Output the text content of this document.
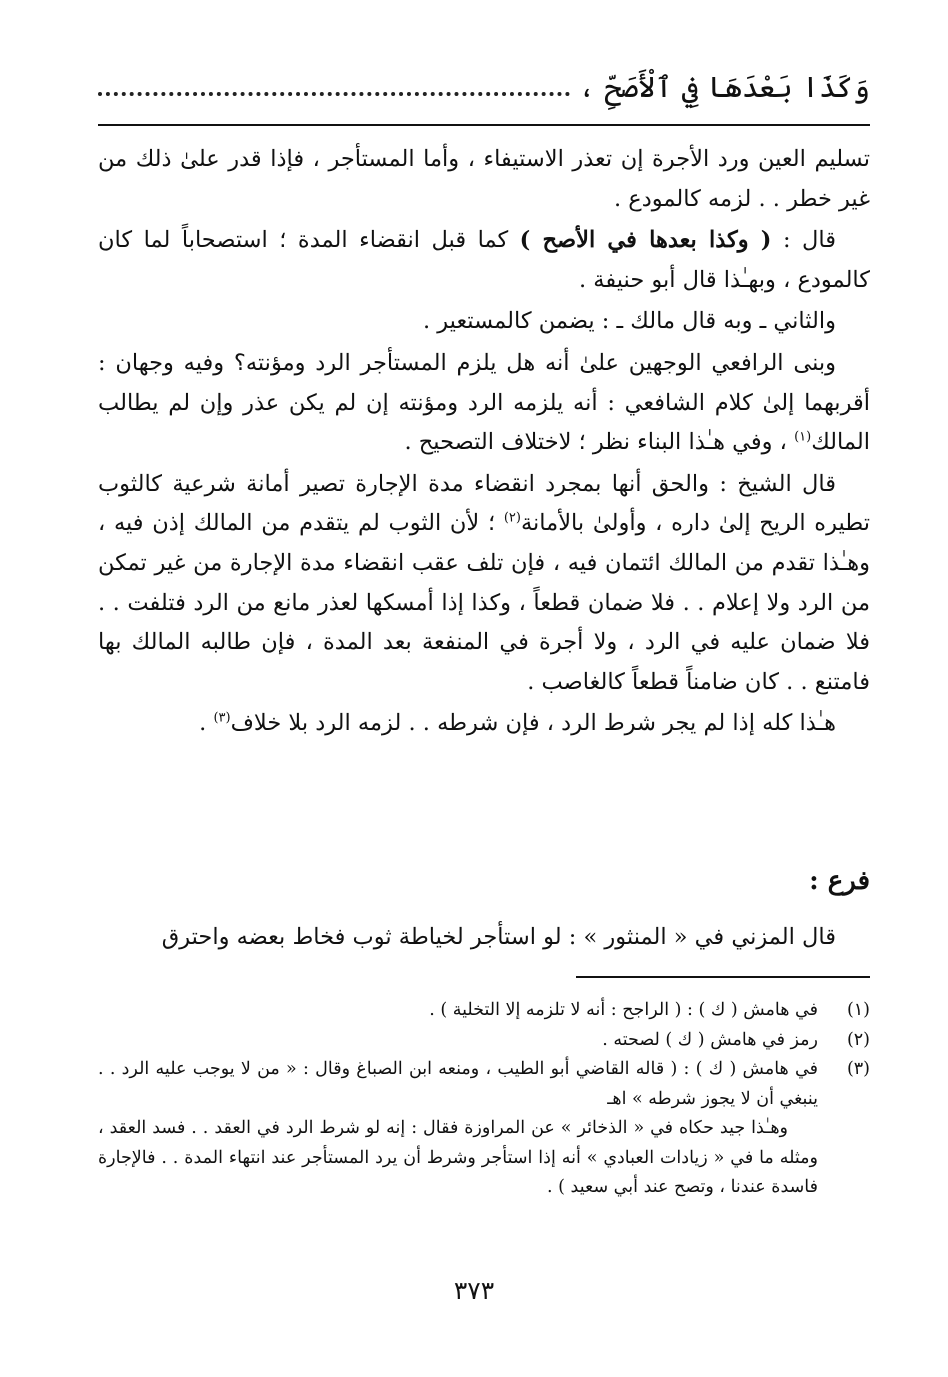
وَكَذَا بَعْدَهَا فِي ٱلْأَصَحِّ ،

تسليم العين ورد الأجرة إن تعذر الاستيفاء ، وأما المستأجر ، فإذا قدر علىٰ ذلك من غير خطر . . لزمه كالمودع .

قال : ( وكذا بعدها في الأصح ) كما قبل انقضاء المدة ؛ استصحاباً لما كان كالمودع ، وبهـٰذا قال أبو حنيفة .

والثاني ـ وبه قال مالك ـ : يضمن كالمستعير .

وبنى الرافعي الوجهين علىٰ أنه هل يلزم المستأجر الرد ومؤنته؟ وفيه وجهان : أقربهما إلىٰ كلام الشافعي : أنه يلزمه الرد ومؤنته إن لم يكن عذر وإن لم يطالب المالك$^{(١)}$ ، وفي هـٰذا البناء نظر ؛ لاختلاف التصحيح .

قال الشيخ : والحق أنها بمجرد انقضاء مدة الإجارة تصير أمانة شرعية كالثوب تطيره الريح إلىٰ داره ، وأولىٰ بالأمانة$^{(٢)}$ ؛ لأن الثوب لم يتقدم من المالك إذن فيه ، وهـٰذا تقدم من المالك ائتمان فيه ، فإن تلف عقب انقضاء مدة الإجارة من غير تمكن من الرد ولا إعلام . . فلا ضمان قطعاً ، وكذا إذا أمسكها لعذر مانع من الرد فتلفت . . فلا ضمان عليه في الرد ، ولا أجرة في المنفعة بعد المدة ، فإن طالبه المالك بها فامتنع . . كان ضامناً قطعاً كالغاصب .

هـٰذا كله إذا لم يجر شرط الرد ، فإن شرطه . . لزمه الرد بلا خلاف$^{(٣)}$ .

فرع :
قال المزني في « المنثور » : لو استأجر لخياطة ثوب فخاط بعضه واحترق
(١)
في هامش ( ك ) : ( الراجح : أنه لا تلزمه إلا التخلية ) .
(٢)
رمز في هامش ( ك ) لصحته .
(٣)
في هامش ( ك ) : ( قاله القاضي أبو الطيب ، ومنعه ابن الصباغ وقال : « من لا يوجب عليه الرد . . ينبغي أن لا يجوز شرطه » اهـ
وهـٰذا جيد حكاه في « الذخائر » عن المراوزة فقال : إنه لو شرط الرد في العقد . . فسد العقد ، ومثله ما في « زيادات العبادي » أنه إذا استأجر وشرط أن يرد المستأجر عند انتهاء المدة . . فالإجارة فاسدة عندنا ، وتصح عند أبي سعيد ) .
٣٧٣
